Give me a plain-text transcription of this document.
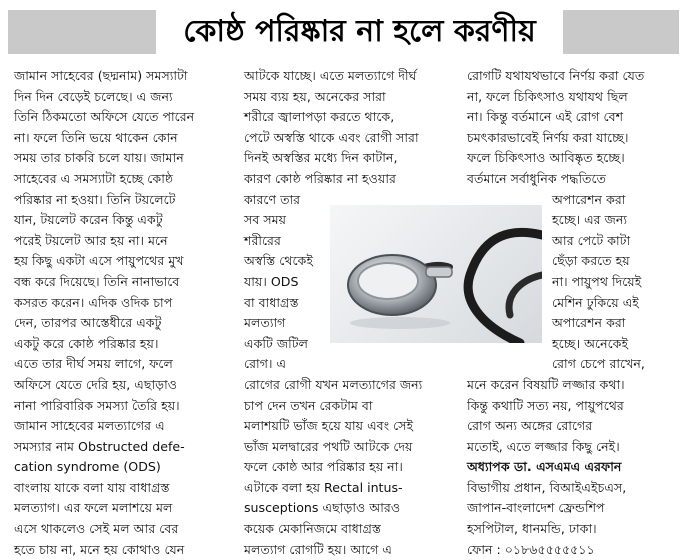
কোষ্ঠ পরিষ্কার না হলে করণীয়

জামান সাহেবের (ছদ্মনাম) সমস্যাটা

দিন দিন বেড়েই চলেছে। এ জন্য

তিনি ঠিকমতো অফিসে যেতে পারেন

না। ফলে তিনি ভয়ে থাকেন কোন

সময় তার চাকরি চলে যায়। জামান

সাহেবের এ সমস্যাটা হচ্ছে কোষ্ঠ

পরিষ্কার না হওয়া। তিনি টয়লেটে

যান, টয়লেট করেন কিন্তু একটু

পরেই টয়লেট আর হয় না। মনে

হয় কিছু একটা এসে পায়ুপথের মুখ

বন্ধ করে দিয়েছে। তিনি নানাভাবে

কসরত করেন। এদিক ওদিক চাপ

দেন, তারপর আস্তেধীরে একটু

একটু করে কোষ্ঠ পরিষ্কার হয়।

এতে তার দীর্ঘ সময় লাগে, ফলে

অফিসে যেতে দেরি হয়, এছাড়াও

নানা পারিবারিক সমস্যা তৈরি হয়।

জামান সাহেবের মলত্যাগের এ

সমস্যার নাম Obstructed defe-

cation syndrome (ODS)

বাংলায় যাকে বলা যায় বাধাগ্রস্ত

মলত্যাগ। এর ফলে মলাশয়ে মল

এসে থাকলেও সেই মল আর বের

হতে চায় না, মনে হয় কোথাও যেন

আটকে যাচ্ছে। এতে মলত্যাগে দীর্ঘ

সময় ব্যয় হয়, অনেকের সারা

শরীরে জ্বালাপড়া করতে থাকে,

পেটে অস্বস্তি থাকে এবং রোগী সারা

দিনই অস্বস্তির মধ্যে দিন কাটান,

কারণ কোষ্ঠ পরিষ্কার না হওয়ার

কারণে তার

সব সময়

শরীরের

অস্বস্তি থেকেই

যায়। ODS

বা বাধাগ্রস্ত

মলত্যাগ

একটি জটিল

রোগ। এ

রোগের রোগী যখন মলত্যাগের জন্য

চাপ দেন তখন রেকটাম বা

মলাশয়টি ভাঁজ হয়ে যায় এবং সেই

ভাঁজ মলদ্বারের পথটি আটকে দেয়

ফলে কোষ্ঠ আর পরিষ্কার হয় না।

এটাকে বলা হয় Rectal intus-

susceptions এছাড়াও আরও

কয়েক মেকানিজমে বাধাগ্রস্ত

মলত্যাগ রোগটি হয়। আগে এ

রোগটি যথাযথভাবে নির্ণয় করা যেত

না, ফলে চিকিৎসাও যথাযথ ছিল

না। কিন্তু বর্তমানে এই রোগ বেশ

চমৎকারভাবেই নির্ণয় করা যাচ্ছে।

ফলে চিকিৎসাও আবিষ্কৃত হচ্ছে।

বর্তমানে সর্বাধুনিক পদ্ধতিতে

অপারেশন করা

হচ্ছে। এর জন্য

আর পেটে কাটা

ছেঁড়া করতে হয়

না। পায়ুপথ দিয়েই

মেশিন ঢুকিয়ে এই

অপারেশন করা

হচ্ছে। অনেকেই

রোগ চেপে রাখেন,

মনে করেন বিষয়টি লজ্জার কথা।

কিন্তু কথাটি সত্য নয়, পায়ুপথের

রোগ অন্য অঙ্গের রোগের

মতোই, এতে লজ্জার কিছু নেই।

অধ্যাপক ডা. এসএমএ এরফান

বিভাগীয় প্রধান, বিআইএইচএস,

জাপান-বাংলাদেশ ফ্রেন্ডশিপ

হসপিটাল, ধানমন্ডি, ঢাকা।

ফোন : ০১৮৬৫৫৫৫৫১১
